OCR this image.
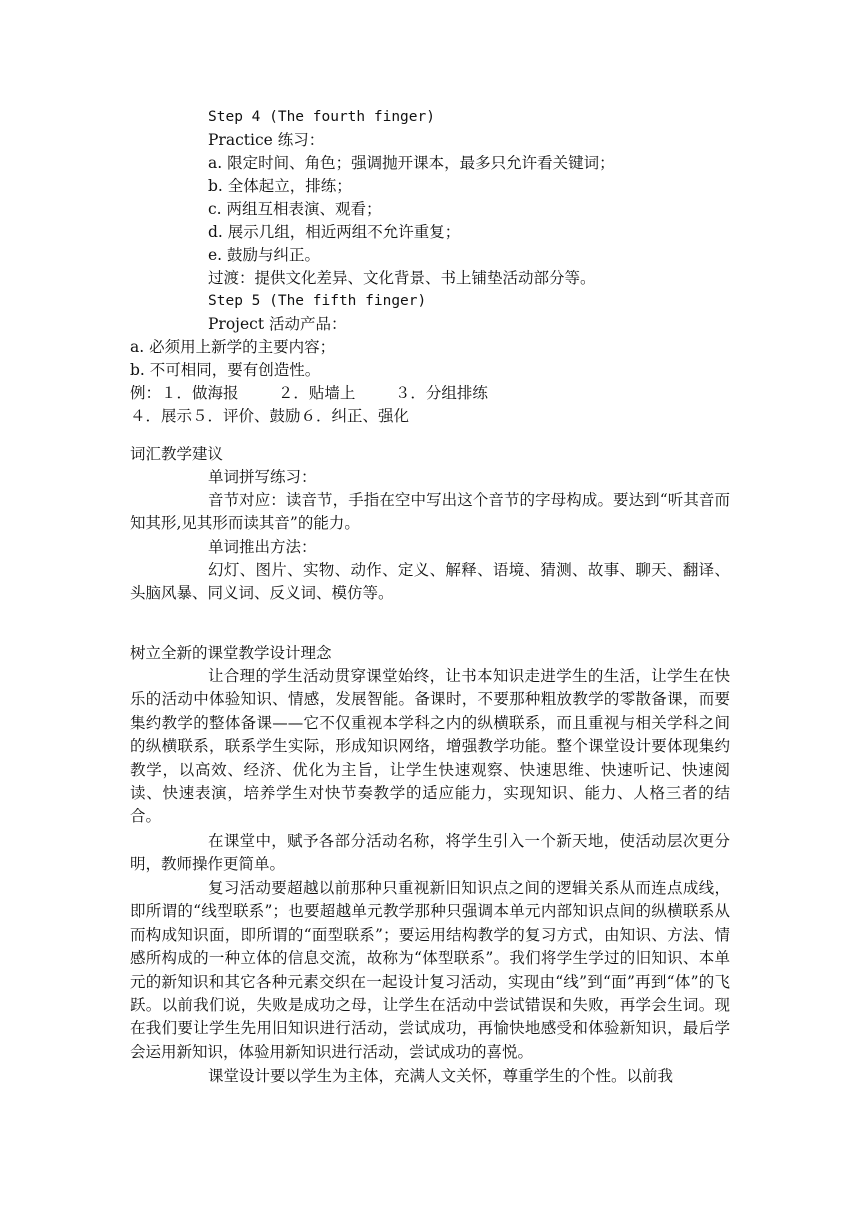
Step 4 (The fourth finger)
Practice 练习：
a. 限定时间、角色；强调抛开课本，最多只允许看关键词；
b. 全体起立，排练；
c. 两组互相表演、观看；
d. 展示几组，相近两组不允许重复；
e. 鼓励与纠正。
过渡：提供文化差异、文化背景、书上铺垫活动部分等。
Step 5 (The fifth finger)
Project 活动产品：
a. 必须用上新学的主要内容；
b. 不可相同，要有创造性。
例：１．做海报        ２．贴墙上        ３．分组排练
４．展示５．评价、鼓励６．纠正、强化
词汇教学建议
单词拼写练习：

音节对应：读音节，手指在空中写出这个音节的字母构成。要达到“听其音而知其形,见其形而读其音”的能力。

单词推出方法：

幻灯、图片、实物、动作、定义、解释、语境、猜测、故事、聊天、翻译、头脑风暴、同义词、反义词、模仿等。

树立全新的课堂教学设计理念

让合理的学生活动贯穿课堂始终，让书本知识走进学生的生活，让学生在快乐的活动中体验知识、情感，发展智能。备课时，不要那种粗放教学的零散备课，而要集约教学的整体备课——它不仅重视本学科之内的纵横联系，而且重视与相关学科之间的纵横联系，联系学生实际，形成知识网络，增强教学功能。整个课堂设计要体现集约教学，以高效、经济、优化为主旨，让学生快速观察、快速思维、快速听记、快速阅读、快速表演，培养学生对快节奏教学的适应能力，实现知识、能力、人格三者的结合。

在课堂中，赋予各部分活动名称，将学生引入一个新天地，使活动层次更分明，教师操作更简单。

复习活动要超越以前那种只重视新旧知识点之间的逻辑关系从而连点成线，即所谓的“线型联系”；也要超越单元教学那种只强调本单元内部知识点间的纵横联系从而构成知识面，即所谓的“面型联系”；要运用结构教学的复习方式，由知识、方法、情感所构成的一种立体的信息交流，故称为“体型联系”。我们将学生学过的旧知识、本单元的新知识和其它各种元素交织在一起设计复习活动，实现由“线”到“面”再到“体”的飞跃。以前我们说，失败是成功之母，让学生在活动中尝试错误和失败，再学会生词。现在我们要让学生先用旧知识进行活动，尝试成功，再愉快地感受和体验新知识，最后学会运用新知识，体验用新知识进行活动，尝试成功的喜悦。

课堂设计要以学生为主体，充满人文关怀，尊重学生的个性。以前我
